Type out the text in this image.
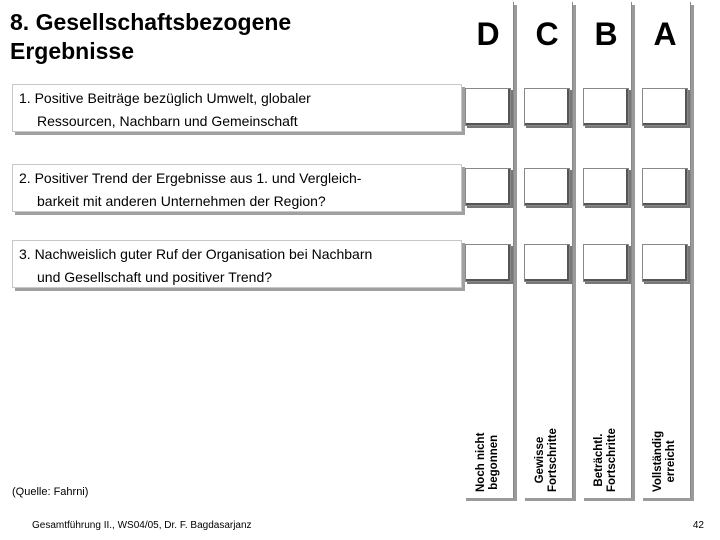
8. Gesellschaftsbezogene
Ergebnisse	D	C	B	A
1. Positive Beiträge bezüglich Umwelt, globaler
Ressourcen, Nachbarn und Gemeinschaft
2. Positiver Trend der Ergebnisse aus 1. und Vergleich-
barkeit mit anderen Unternehmen der Region?
3. Nachweislich guter Ruf der Organisation bei Nachbarn
und Gesellschaft und positiver Trend?
Noch nicht begonnen	Gewisse Fortschritte	Beträchtl. Fortschritte	Vollständig erreicht
(Quelle: Fahrni)
Gesamtführung II., WS04/05, Dr. F. Bagdasarjanz	42
